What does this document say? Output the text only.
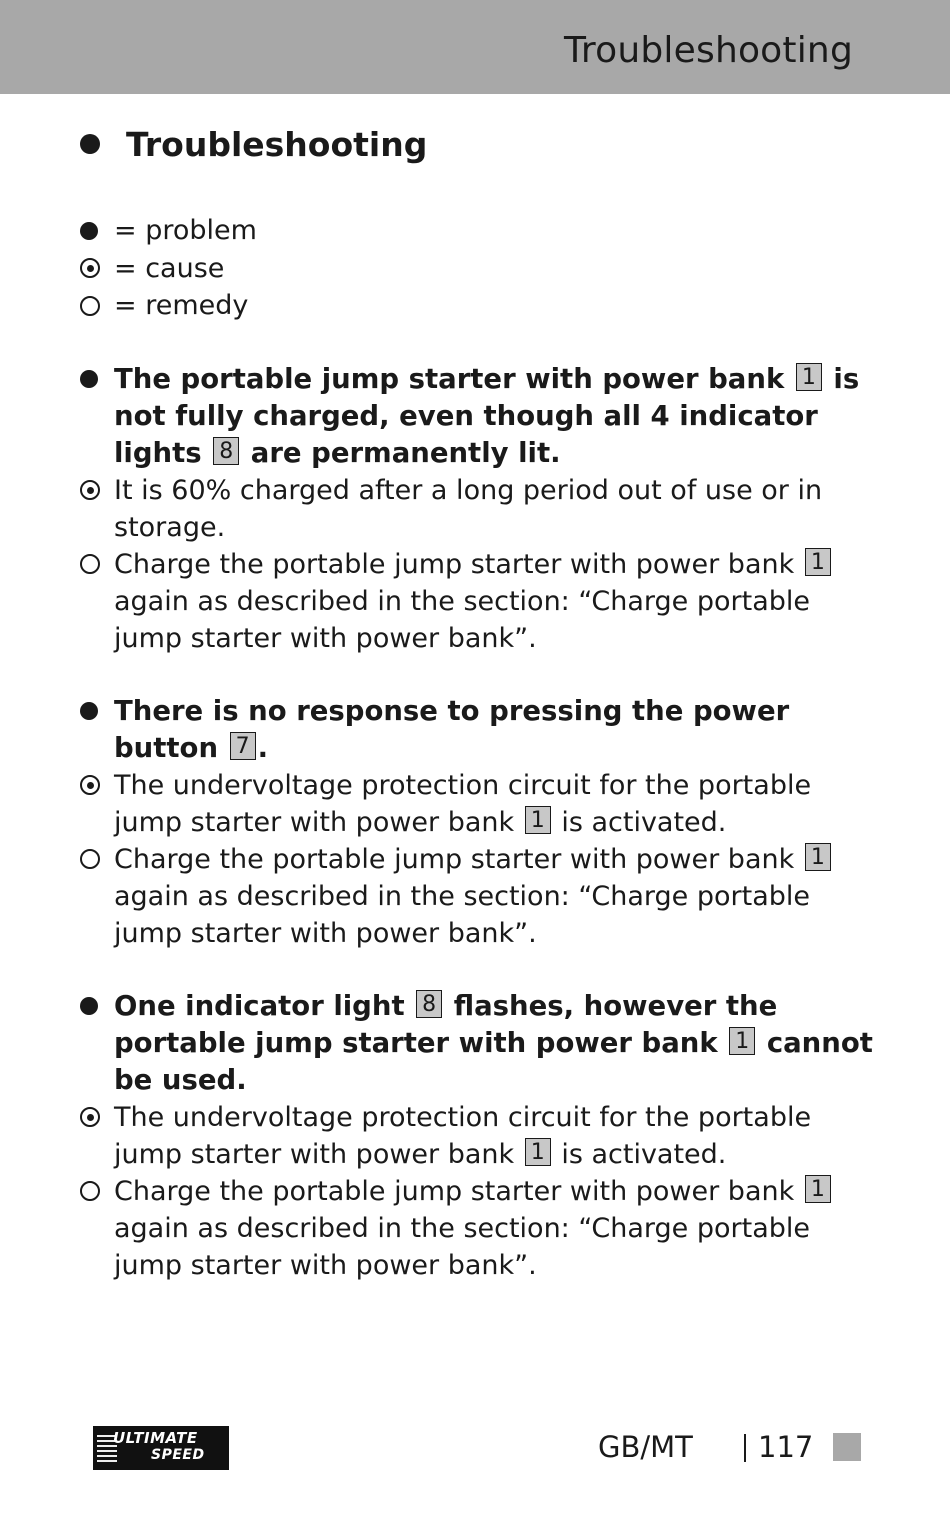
Troubleshooting
Troubleshooting
= problem
= cause
= remedy
The portable jump starter with power bank 1 is not fully charged, even though all 4 indicator lights 8 are permanently lit.
It is 60% charged after a long period out of use or in storage.
Charge the portable jump starter with power bank 1 again as described in the section: “Charge portable jump starter with power bank”.
There is no response to pressing the power button 7 .
The undervoltage protection circuit for the portable jump starter with power bank 1 is activated.
Charge the portable jump starter with power bank 1 again as described in the section: “Charge portable jump starter with power bank”.
One indicator light 8 flashes, however the portable jump starter with power bank 1 cannot be used.
The undervoltage protection circuit for the portable jump starter with power bank 1 is activated.
Charge the portable jump starter with power bank 1 again as described in the section: “Charge portable jump starter with power bank”.
ULTIMATE
SPEED	GB/MT 117
